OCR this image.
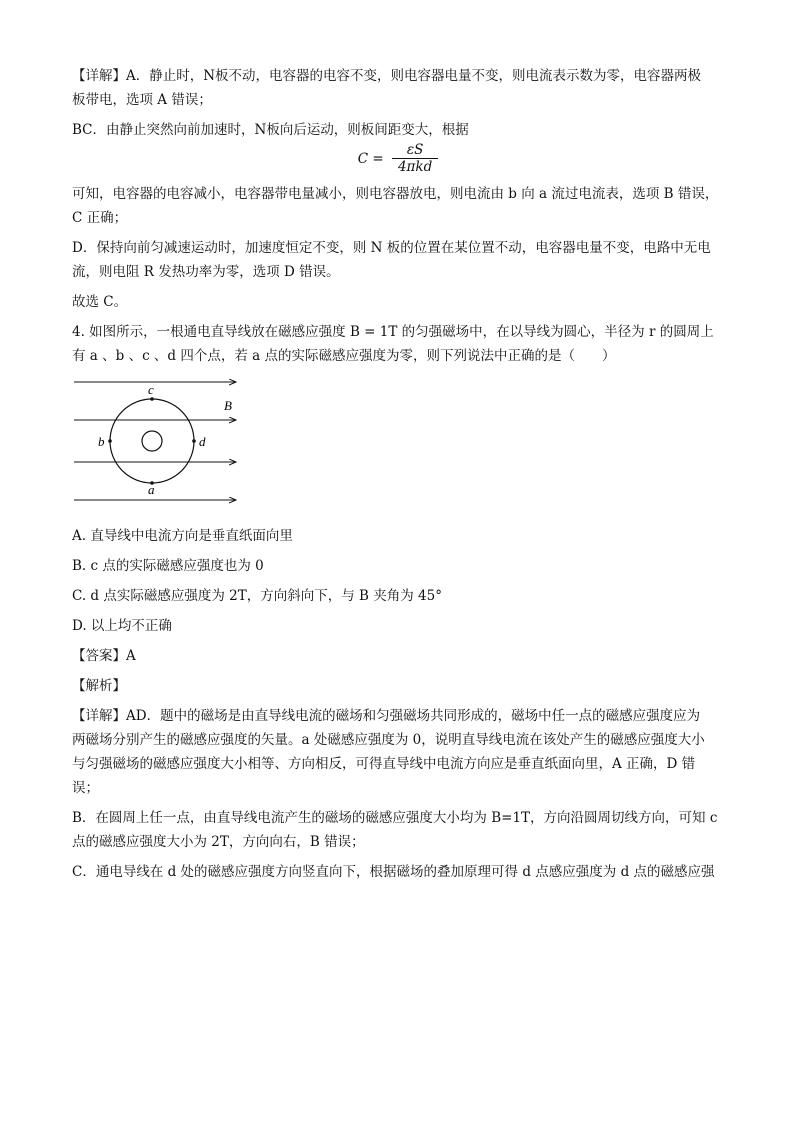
【详解】A．静止时，N板不动，电容器的电容不变，则电容器电量不变，则电流表示数为零，电容器两极
板带电，选项 A 错误；
BC．由静止突然向前加速时，N板向后运动，则板间距变大，根据
$C = \frac{\varepsilon S}{\text{4πkd}}$
可知，电容器的电容减小，电容器带电量减小，则电容器放电，则电流由 b 向 a 流过电流表，选项 B 错误，
C 正确；
D．保持向前匀减速运动时，加速度恒定不变，则 N 板的位置在某位置不动，电容器电量不变，电路中无电
流，则电阻 R 发热功率为零，选项 D 错误。
故选 C。
4. 如图所示，一根通电直导线放在磁感应强度 B = 1T 的匀强磁场中，在以导线为圆心，半径为 r 的圆周上
有 a 、b 、c 、d 四个点，若 a 点的实际磁感应强度为零，则下列说法中正确的是（　　）
c
B
b	d
a
A. 直导线中电流方向是垂直纸面向里
B. c 点的实际磁感应强度也为 0
C. d 点实际磁感应强度为 2T，方向斜向下，与 B 夹角为 45°
D. 以上均不正确
【答案】A
【解析】
【详解】AD．题中的磁场是由直导线电流的磁场和匀强磁场共同形成的，磁场中任一点的磁感应强度应为
两磁场分别产生的磁感应强度的矢量。a 处磁感应强度为 0，说明直导线电流在该处产生的磁感应强度大小
与匀强磁场的磁感应强度大小相等、方向相反，可得直导线中电流方向应是垂直纸面向里，A 正确，D 错
误；
B．在圆周上任一点，由直导线电流产生的磁场的磁感应强度大小均为 B=1T，方向沿圆周切线方向，可知 c
点的磁感应强度大小为 2T，方向向右，B 错误；
C．通电导线在 d 处的磁感应强度方向竖直向下，根据磁场的叠加原理可得 d 点感应强度为 d 点的磁感应强
